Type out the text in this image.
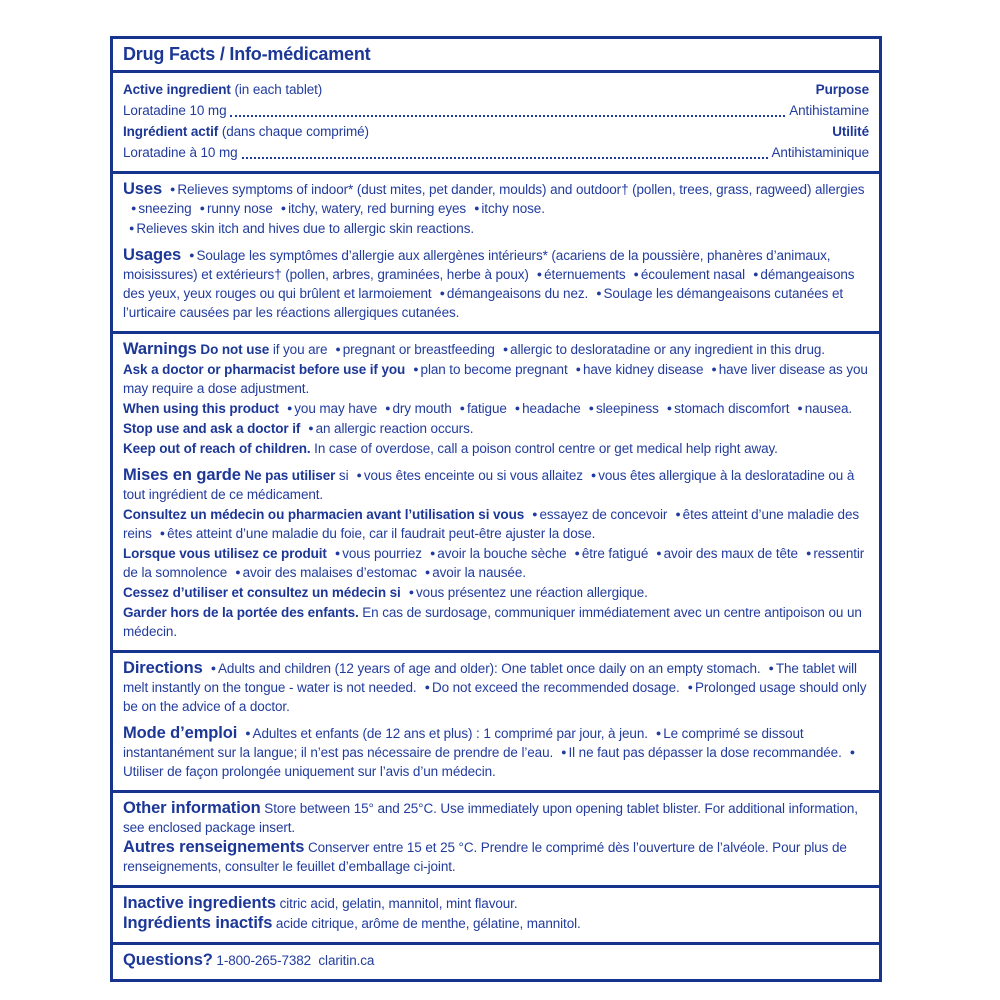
Drug Facts / Info-médicament
Active ingredient (in each tablet)	Purpose
Loratadine 10 mg	Antihistamine
Ingrédient actif (dans chaque comprimé)	Utilité
Loratadine à 10 mg	Antihistaminique

Uses ● Relieves symptoms of indoor* (dust mites, pet dander, moulds) and outdoor† (pollen, trees, grass, ragweed) allergies● sneezing ● runny nose ● itchy, watery, red burning eyes ● itchy nose.

● Relieves skin itch and hives due to allergic skin reactions.

Usages ● Soulage les symptômes d’allergie aux allergènes intérieurs* (acariens de la poussière, phanères d’animaux, moisissures) et extérieurs† (pollen, arbres, graminées, herbe à poux) ● éternuements ● écoulement nasal ● démangeaisons des yeux, yeux rouges ou qui brûlent et larmoiement ● démangeaisons du nez. ● Soulage les démangeaisons cutanées et l’urticaire causées par les réactions allergiques cutanées.

Warnings Do not use if you are ● pregnant or breastfeeding ● allergic to desloratadine or any ingredient in this drug.

Ask a doctor or pharmacist before use if you ● plan to become pregnant ● have kidney disease ● have liver disease as you may require a dose adjustment.

When using this product ● you may have ● dry mouth ● fatigue ● headache ● sleepiness ● stomach discomfort ● nausea.

Stop use and ask a doctor if ● an allergic reaction occurs.

Keep out of reach of children. In case of overdose, call a poison control centre or get medical help right away.

Mises en garde Ne pas utiliser si ● vous êtes enceinte ou si vous allaitez ● vous êtes allergique à la desloratadine ou à tout ingrédient de ce médicament.

Consultez un médecin ou pharmacien avant l’utilisation si vous ● essayez de concevoir ● êtes atteint d’une maladie des reins ● êtes atteint d’une maladie du foie, car il faudrait peut-être ajuster la dose.

Lorsque vous utilisez ce produit ● vous pourriez ● avoir la bouche sèche ● être fatigué ● avoir des maux de tête ● ressentir de la somnolence ● avoir des malaises d’estomac ● avoir la nausée.

Cessez d’utiliser et consultez un médecin si ● vous présentez une réaction allergique.

Garder hors de la portée des enfants. En cas de surdosage, communiquer immédiatement avec un centre antipoison ou un médecin.

Directions ● Adults and children (12 years of age and older): One tablet once daily on an empty stomach. ● The tablet will melt instantly on the tongue - water is not needed. ● Do not exceed the recommended dosage. ● Prolonged usage should only be on the advice of a doctor.

Mode d’emploi ● Adultes et enfants (de 12 ans et plus) : 1 comprimé par jour, à jeun. ● Le comprimé se dissout instantanément sur la langue; il n’est pas nécessaire de prendre de l’eau. ● Il ne faut pas dépasser la dose recommandée. ●Utiliser de façon prolongée uniquement sur l’avis d’un médecin.

Other information Store between 15° and 25°C. Use immediately upon opening tablet blister. For additional information, see enclosed package insert.

Autres renseignements Conserver entre 15 et 25 °C. Prendre le comprimé dès l’ouverture de l’alvéole. Pour plus de renseignements, consulter le feuillet d’emballage ci-joint.

Inactive ingredients citric acid, gelatin, mannitol, mint flavour.

Ingrédients inactifs acide citrique, arôme de menthe, gélatine, mannitol.

Questions? 1-800-265-7382  claritin.ca
